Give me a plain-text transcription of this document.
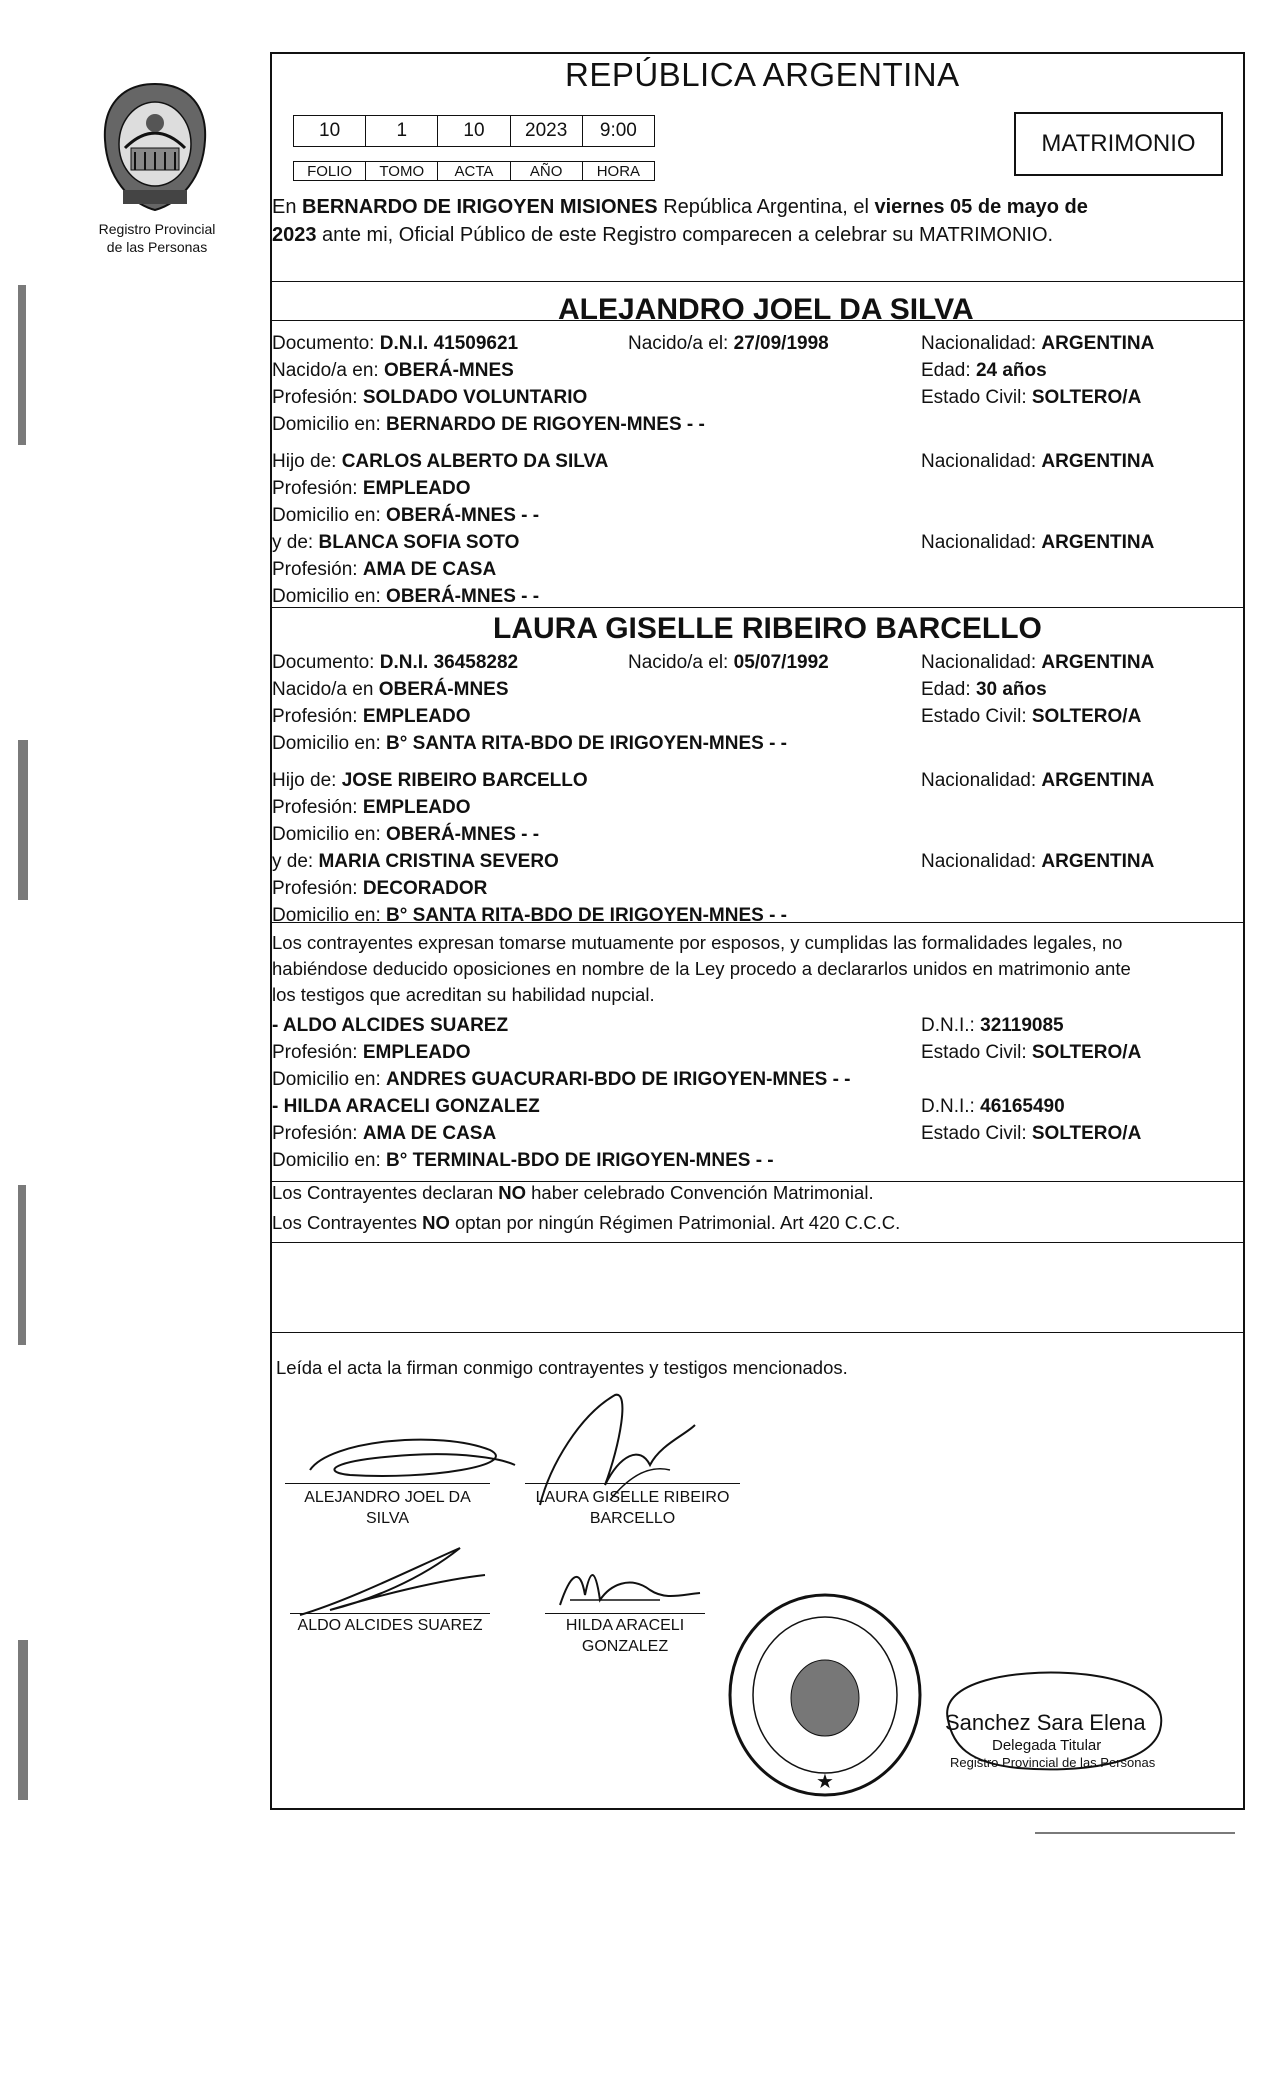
Registro Provincial
de las Personas
REPÚBLICA ARGENTINA
10	1	10	2023	9:00
FOLIO	TOMO	ACTA	AÑO	HORA
MATRIMONIO
En BERNARDO DE IRIGOYEN MISIONES República Argentina, el viernes 05 de mayo de
2023 ante mi, Oficial Público de este Registro comparecen a celebrar su MATRIMONIO.
ALEJANDRO JOEL DA SILVA
Documento: D.N.I. 41509621	Nacido/a el: 27/09/1998	Nacionalidad: ARGENTINA
Nacido/a en: OBERÁ-MNES	Edad: 24 años
Profesión: SOLDADO VOLUNTARIO	Estado Civil: SOLTERO/A
Domicilio en: BERNARDO DE RIGOYEN-MNES - -
Hijo de: CARLOS ALBERTO DA SILVA	Nacionalidad: ARGENTINA
Profesión: EMPLEADO
Domicilio en: OBERÁ-MNES - -
y de: BLANCA SOFIA SOTO	Nacionalidad: ARGENTINA
Profesión: AMA DE CASA
Domicilio en: OBERÁ-MNES - -
LAURA GISELLE RIBEIRO BARCELLO
Documento: D.N.I. 36458282	Nacido/a el: 05/07/1992	Nacionalidad: ARGENTINA
Nacido/a en OBERÁ-MNES	Edad: 30 años
Profesión: EMPLEADO	Estado Civil: SOLTERO/A
Domicilio en: B° SANTA RITA-BDO DE IRIGOYEN-MNES - -
Hijo de: JOSE RIBEIRO BARCELLO	Nacionalidad: ARGENTINA
Profesión: EMPLEADO
Domicilio en: OBERÁ-MNES - -
y de: MARIA CRISTINA SEVERO	Nacionalidad: ARGENTINA
Profesión: DECORADOR
Domicilio en: B° SANTA RITA-BDO DE IRIGOYEN-MNES - -
Los contrayentes expresan tomarse mutuamente por esposos, y cumplidas las formalidades legales, no
habiéndose deducido oposiciones en nombre de la Ley procedo a declararlos unidos en matrimonio ante
los testigos que acreditan su habilidad nupcial.
- ALDO ALCIDES SUAREZ	D.N.I.: 32119085
Profesión: EMPLEADO	Estado Civil: SOLTERO/A
Domicilio en: ANDRES GUACURARI-BDO DE IRIGOYEN-MNES - -
- HILDA ARACELI GONZALEZ	D.N.I.: 46165490
Profesión: AMA DE CASA	Estado Civil: SOLTERO/A
Domicilio en: B° TERMINAL-BDO DE IRIGOYEN-MNES - -
Los Contrayentes declaran NO haber celebrado Convención Matrimonial.
Los Contrayentes NO optan por ningún Régimen Patrimonial. Art 420 C.C.C.
Leída el acta la firman conmigo contrayentes y testigos mencionados.
ALEJANDRO JOEL DA
SILVA
LAURA GISELLE RIBEIRO
BARCELLO
ALDO ALCIDES SUAREZ	HILDA ARACELI
GONZALEZ
★
Sanchez Sara Elena
Delegada Titular
Registro Provincial de las Personas
